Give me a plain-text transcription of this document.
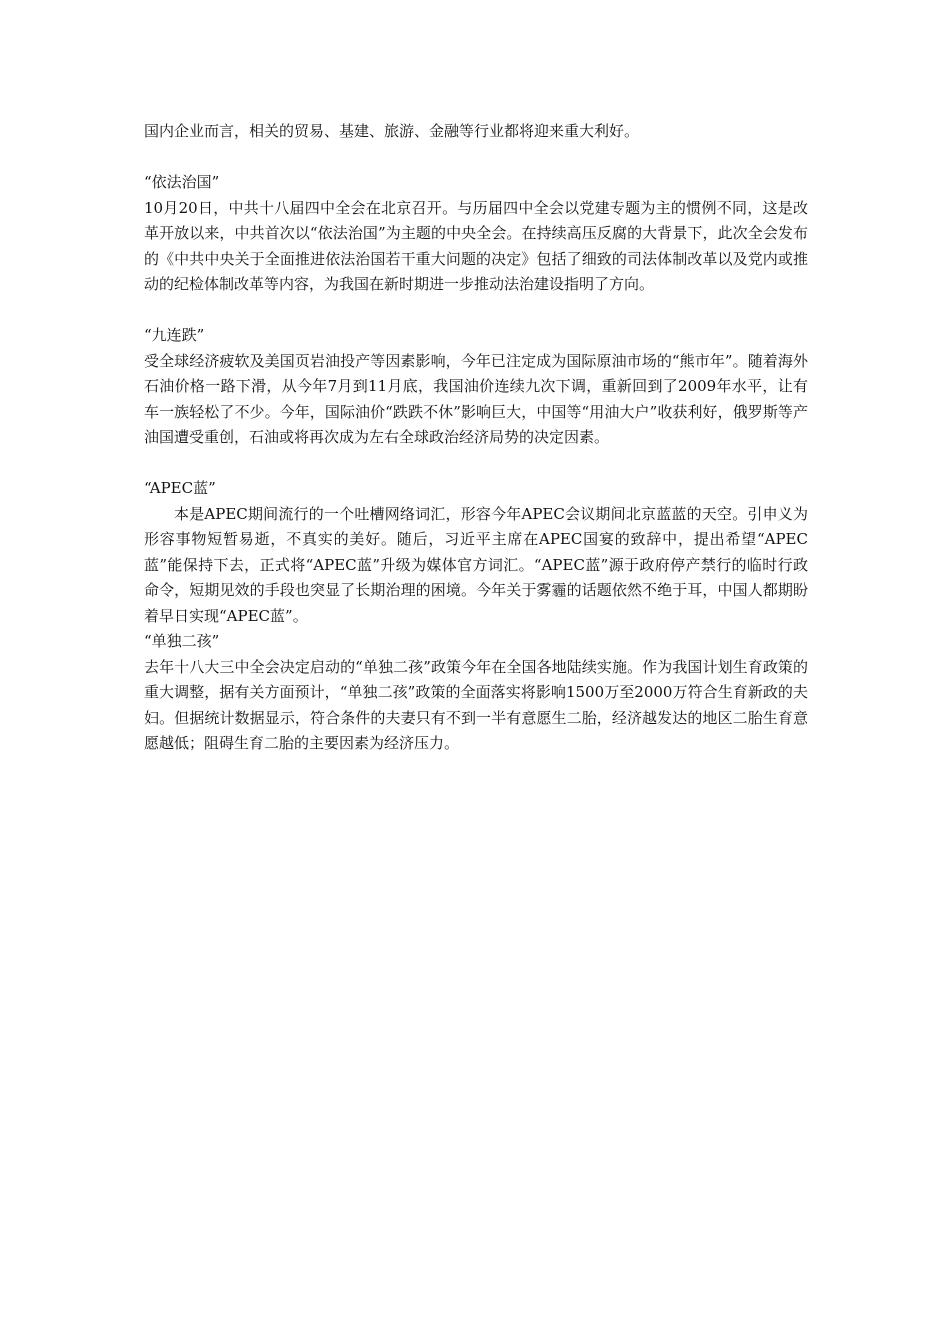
国内企业而言，相关的贸易、基建、旅游、金融等行业都将迎来重大利好。

“依法治国”

10月20日，中共十八届四中全会在北京召开。与历届四中全会以党建专题为主的惯例不同，这是改革开放以来，中共首次以“依法治国”为主题的中央全会。在持续高压反腐的大背景下，此次全会发布的《中共中央关于全面推进依法治国若干重大问题的决定》包括了细致的司法体制改革以及党内或推动的纪检体制改革等内容，为我国在新时期进一步推动法治建设指明了方向。

“九连跌”

受全球经济疲软及美国页岩油投产等因素影响，今年已注定成为国际原油市场的“熊市年”。随着海外石油价格一路下滑，从今年7月到11月底，我国油价连续九次下调，重新回到了2009年水平，让有车一族轻松了不少。今年，国际油价“跌跌不休”影响巨大，中国等“用油大户”收获利好，俄罗斯等产油国遭受重创，石油或将再次成为左右全球政治经济局势的决定因素。

“APEC蓝”

本是APEC期间流行的一个吐槽网络词汇，形容今年APEC会议期间北京蓝蓝的天空。引申义为形容事物短暂易逝，不真实的美好。随后，习近平主席在APEC国宴的致辞中，提出希望“APEC蓝”能保持下去，正式将“APEC蓝”升级为媒体官方词汇。“APEC蓝”源于政府停产禁行的临时行政命令，短期见效的手段也突显了长期治理的困境。今年关于雾霾的话题依然不绝于耳，中国人都期盼着早日实现“APEC蓝”。

“单独二孩”

去年十八大三中全会决定启动的“单独二孩”政策今年在全国各地陆续实施。作为我国计划生育政策的重大调整，据有关方面预计，“单独二孩”政策的全面落实将影响1500万至2000万符合生育新政的夫妇。但据统计数据显示，符合条件的夫妻只有不到一半有意愿生二胎，经济越发达的地区二胎生育意愿越低；阻碍生育二胎的主要因素为经济压力。
